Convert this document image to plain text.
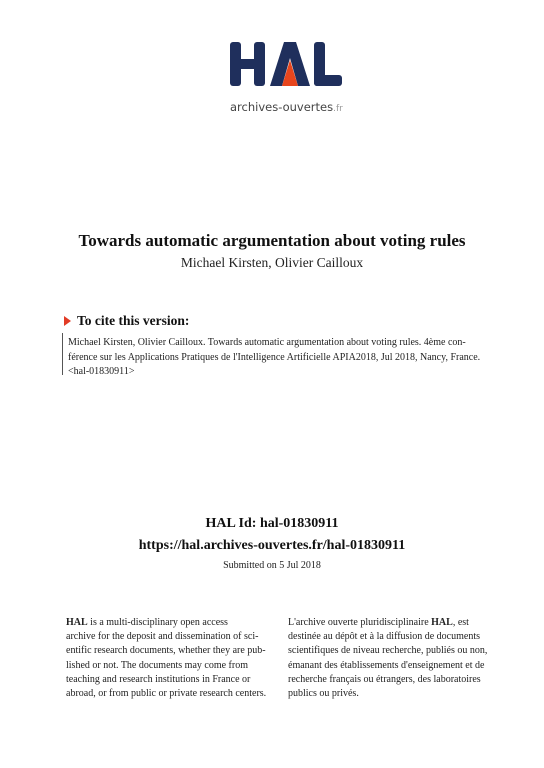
archives-ouvertes.fr
Towards automatic argumentation about voting rules
Michael Kirsten, Olivier Cailloux
To cite this version:
Michael Kirsten, Olivier Cailloux. Towards automatic argumentation about voting rules. 4ème con-
férence sur les Applications Pratiques de l'Intelligence Artificielle APIA2018, Jul 2018, Nancy, France.
<hal-01830911>
HAL Id: hal-01830911
https://hal.archives-ouvertes.fr/hal-01830911
Submitted on 5 Jul 2018
HAL is a multi-disciplinary open access
archive for the deposit and dissemination of sci-
entific research documents, whether they are pub-
lished or not. The documents may come from
teaching and research institutions in France or
abroad, or from public or private research centers.
L'archive ouverte pluridisciplinaire HAL, est
destinée au dépôt et à la diffusion de documents
scientifiques de niveau recherche, publiés ou non,
émanant des établissements d'enseignement et de
recherche français ou étrangers, des laboratoires
publics ou privés.
